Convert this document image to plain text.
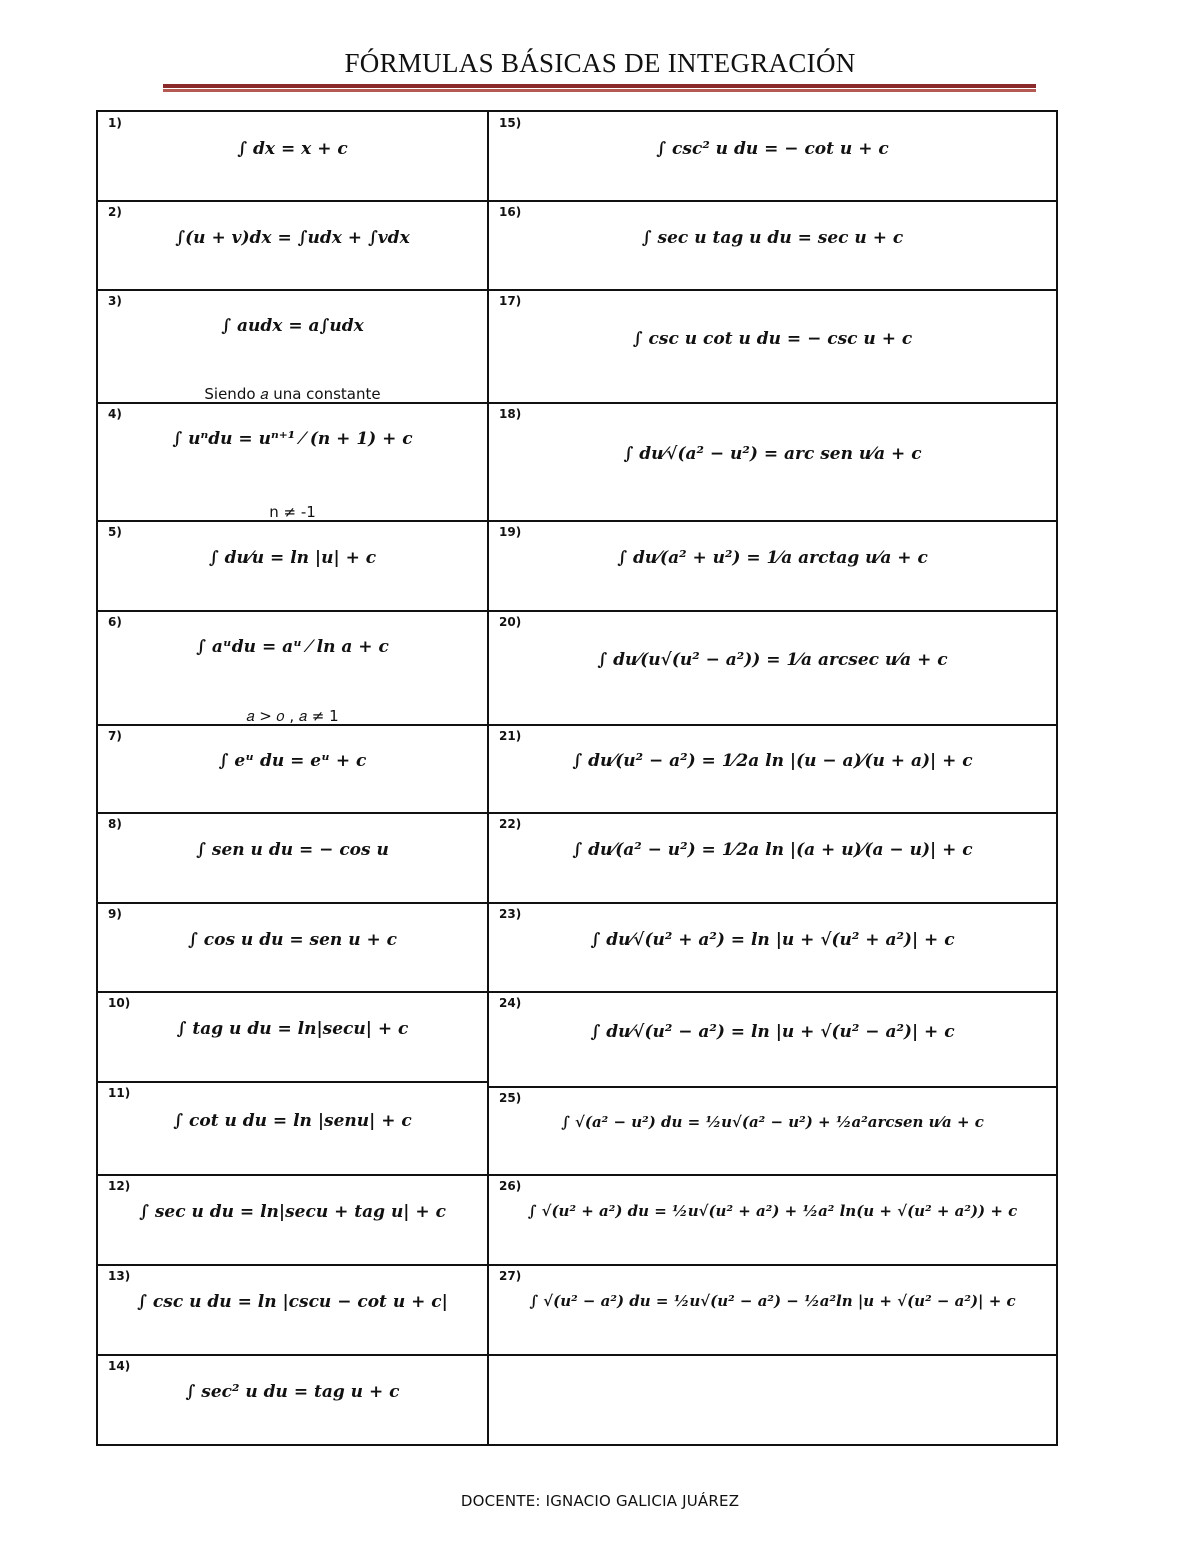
FÓRMULAS BÁSICAS DE INTEGRACIÓN
1)
∫ dx = x + c
2)
∫(u + v)dx = ∫udx + ∫vdx
3)
∫ audx = a∫udx
Siendo 𝑎 una constante
4)
∫ uⁿdu = uⁿ⁺¹ ⁄ (n + 1) + c
n ≠ -1
5)
∫ du⁄u = ln |u| + c
6)
∫ aᵘdu = aᵘ ⁄ ln a + c
𝑎 > 𝑜 , 𝑎 ≠ 1
7)
∫ eᵘ du = eᵘ + c
8)
∫ sen u du = − cos u
9)
∫ cos u du = sen u + c
10)
∫ tag u du = ln|secu| + c
11)
∫ cot u du = ln |senu| + c
12)
∫ sec u du = ln|secu + tag u| + c
13)
∫ csc u du = ln |cscu − cot u + c|
14)
∫ sec² u du = tag u + c
15)
∫ csc² u du = − cot u + c
16)
∫ sec u tag u du = sec u + c
17)
∫ csc u cot u du = − csc u + c
18)
∫ du⁄√(a² − u²) = arc sen u⁄a + c
19)
∫ du⁄(a² + u²) = 1⁄a arctag u⁄a + c
20)
∫ du⁄(u√(u² − a²)) = 1⁄a arcsec u⁄a + c
21)
∫ du⁄(u² − a²) = 1⁄2a ln |(u − a)⁄(u + a)| + c
22)
∫ du⁄(a² − u²) = 1⁄2a ln |(a + u)⁄(a − u)| + c
23)
∫ du⁄√(u² + a²) = ln |u + √(u² + a²)| + c
24)
∫ du⁄√(u² − a²) = ln |u + √(u² − a²)| + c
25)
∫ √(a² − u²) du = ½u√(a² − u²) + ½a²arcsen u⁄a + c
26)
∫ √(u² + a²) du = ½u√(u² + a²) + ½a² ln(u + √(u² + a²)) + c
27)
∫ √(u² − a²) du = ½u√(u² − a²) − ½a²ln |u + √(u² − a²)| + c
DOCENTE: IGNACIO GALICIA JUÁREZ
